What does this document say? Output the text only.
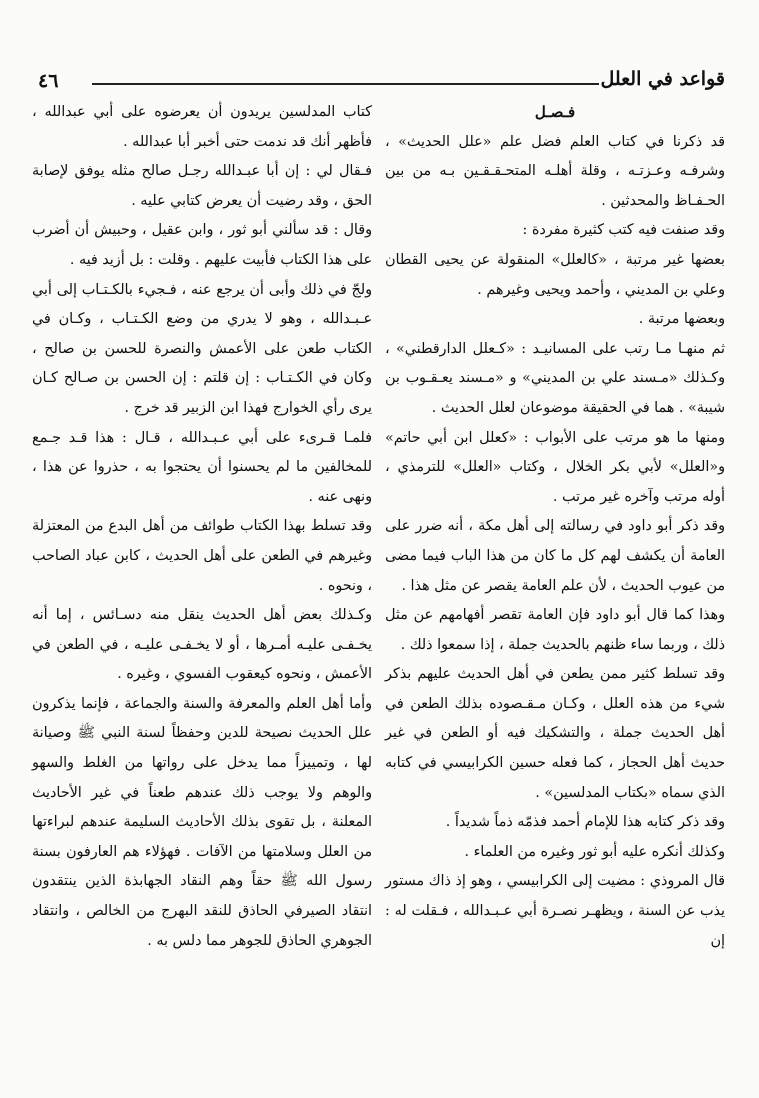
قواعد في العلل
٤٦

فـصـل

قد ذكرنا في كتاب العلم فضل علم «علل الحديث» ، وشرفـه وعـزتـه ، وقلة أهلـه المتحـقـقـين بـه من بين الحـفـاظ والمحدثين .

وقد صنفت فيه كتب كثيرة مفردة :

بعضها غير مرتبة ، «كالعلل» المنقولة عن يحيى القطان وعلي بن المديني ، وأحمد ويحيى وغيرهم .

وبعضها مرتبة .

ثم منهـا مـا رتب على المسانيـد : «كـعلل الدارقطني» ، وكـذلك «مـسند علي بن المديني» و «مـسند يعـقـوب بن شيبة» . هما في الحقيقة موضوعان لعلل الحديث .

ومنها ما هو مرتب على الأبواب : «كعلل ابن أبي حاتم» و«العلل» لأبي بكر الخلال ، وكتاب «العلل» للترمذي ، أوله مرتب وآخره غير مرتب .

وقد ذكر أبو داود في رسالته إلى أهل مكة ، أنه ضرر على العامة أن يكشف لهم كل ما كان من هذا الباب فيما مضى من عيوب الحديث ، لأن علم العامة يقصر عن مثل هذا .

وهذا كما قال أبو داود فإن العامة تقصر أفهامهم عن مثل ذلك ، وربما ساء ظنهم بالحديث جملة ، إذا سمعوا ذلك .

وقد تسلط كثير ممن يطعن في أهل الحديث عليهم بذكر شيء من هذه العلل ، وكـان مـقـصوده بذلك الطعن في أهل الحديث جملة ، والتشكيك فيه أو الطعن في غير حديث أهل الحجاز ، كما فعله حسين الكرابيسي في كتابه الذي سماه «بكتاب المدلسين» .

وقد ذكر كتابه هذا للإمام أحمد فذمّه ذماً شديداً .

وكذلك أنكره عليه أبو ثور وغيره من العلماء .

قال المروذي : مضيت إلى الكرابيسي ، وهو إذ ذاك مستور يذب عن السنة ، ويظهـر نصـرة أبي عـبـدالله ، فـقلت له : إن

كتاب المدلسين يريدون أن يعرضوه على أبي عبدالله ، فأظهر أنك قد ندمت حتى أخبر أبا عبدالله .

فـقال لي : إن أبا عبـدالله رجـل صالح مثله يوفق لإصابة الحق ، وقد رضيت أن يعرض كتابي عليه .

وقال : قد سألني أبو ثور ، وابن عقيل ، وحبيش أن أضرب على هذا الكتاب فأبيت عليهم . وقلت : بل أزيد فيه .

ولجّ في ذلك وأبى أن يرجع عنه ، فـجيء بالكـتـاب إلى أبي عـبـدالله ، وهو لا يدري من وضع الكـتـاب ، وكـان في الكتاب طعن على الأعمش والنصرة للحسن بن صالح ، وكان في الكـتـاب : إن قلتم : إن الحسن بن صـالح كـان يرى رأي الخوارج فهذا ابن الزبير قد خرج .

فلمـا قـرىء على أبي عـبـدالله ، قـال : هذا قـد جـمع للمخالفين ما لم يحسنوا أن يحتجوا به ، حذروا عن هذا ، ونهى عنه .

وقد تسلط بهذا الكتاب طوائف من أهل البدع من المعتزلة وغيرهم في الطعن على أهل الحديث ، كابن عباد الصاحب ، ونحوه .

وكـذلك بعض أهل الحديث ينقل منه دسـائس ، إما أنه يخـفـى عليـه أمـرها ، أو لا يخـفـى عليـه ، في الطعن في الأعمش ، ونحوه كيعقوب الفسوي ، وغيره .

وأما أهل العلم والمعرفة والسنة والجماعة ، فإنما يذكرون علل الحديث نصيحة للدين وحفظاً لسنة النبي ﷺ وصيانة لها ، وتمييزاً مما يدخل على رواتها من الغلط والسهو والوهم ولا يوجب ذلك عندهم طعناً في غير الأحاديث المعلنة ، بل تقوى بذلك الأحاديث السليمة عندهم لبراءتها من العلل وسلامتها من الآفات . فهؤلاء هم العارفون بسنة رسول الله ﷺ حقاً وهم النقاد الجهابذة الذين ينتقدون انتقاد الصيرفي الحاذق للنقد البهرج من الخالص ، وانتقاد الجوهري الحاذق للجوهر مما دلس به .
